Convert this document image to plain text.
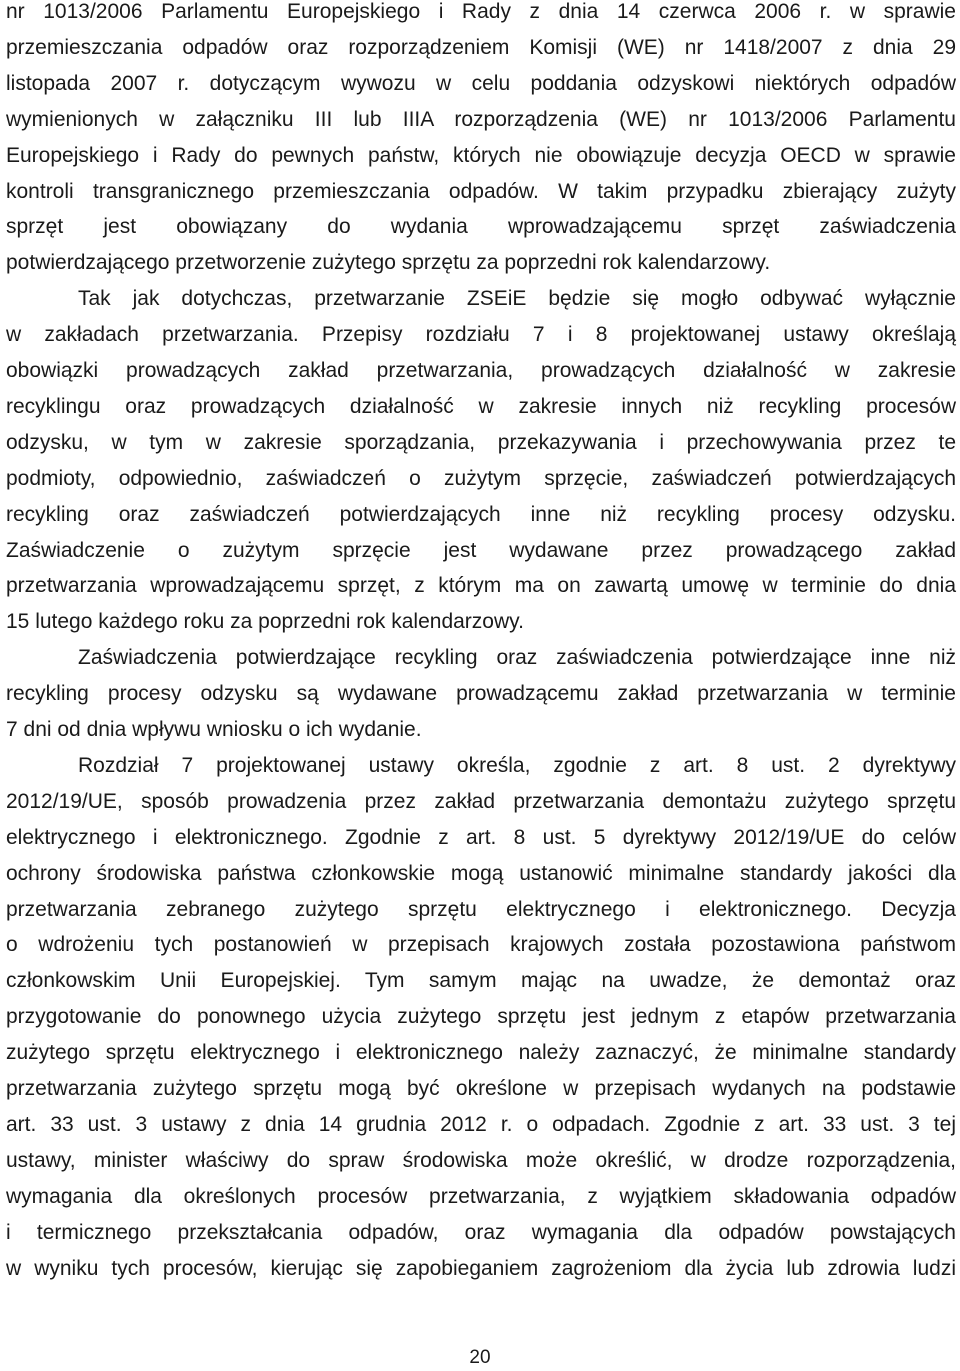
nr 1013/2006 Parlamentu Europejskiego i Rady z dnia 14 czerwca 2006 r. w sprawie
przemieszczania odpadów oraz rozporządzeniem Komisji (WE) nr 1418/2007 z dnia 29
listopada 2007 r. dotyczącym wywozu w celu poddania odzyskowi niektórych odpadów
wymienionych w załączniku III lub IIIA rozporządzenia (WE) nr 1013/2006 Parlamentu
Europejskiego i Rady do pewnych państw, których nie obowiązuje decyzja OECD w sprawie
kontroli transgranicznego przemieszczania odpadów. W takim przypadku zbierający zużyty
sprzęt jest obowiązany do wydania wprowadzającemu sprzęt zaświadczenia
potwierdzającego przetworzenie zużytego sprzętu za poprzedni rok kalendarzowy.
Tak jak dotychczas, przetwarzanie ZSEiE będzie się mogło odbywać wyłącznie
w zakładach przetwarzania. Przepisy rozdziału 7 i 8 projektowanej ustawy określają
obowiązki prowadzących zakład przetwarzania, prowadzących działalność w zakresie
recyklingu oraz prowadzących działalność w zakresie innych niż recykling procesów
odzysku, w tym w zakresie sporządzania, przekazywania i przechowywania przez te
podmioty, odpowiednio, zaświadczeń o zużytym sprzęcie, zaświadczeń potwierdzających
recykling oraz zaświadczeń potwierdzających inne niż recykling procesy odzysku.
Zaświadczenie o zużytym sprzęcie jest wydawane przez prowadzącego zakład
przetwarzania wprowadzającemu sprzęt, z którym ma on zawartą umowę w terminie do dnia
15 lutego każdego roku za poprzedni rok kalendarzowy.
Zaświadczenia potwierdzające recykling oraz zaświadczenia potwierdzające inne niż
recykling procesy odzysku są wydawane prowadzącemu zakład przetwarzania w terminie
7 dni od dnia wpływu wniosku o ich wydanie.
Rozdział 7 projektowanej ustawy określa, zgodnie z art. 8 ust. 2 dyrektywy
2012/19/UE, sposób prowadzenia przez zakład przetwarzania demontażu zużytego sprzętu
elektrycznego i elektronicznego. Zgodnie z art. 8 ust. 5 dyrektywy 2012/19/UE do celów
ochrony środowiska państwa członkowskie mogą ustanowić minimalne standardy jakości dla
przetwarzania zebranego zużytego sprzętu elektrycznego i elektronicznego. Decyzja
o wdrożeniu tych postanowień w przepisach krajowych została pozostawiona państwom
członkowskim Unii Europejskiej. Tym samym mając na uwadze, że demontaż oraz
przygotowanie do ponownego użycia zużytego sprzętu jest jednym z etapów przetwarzania
zużytego sprzętu elektrycznego i elektronicznego należy zaznaczyć, że minimalne standardy
przetwarzania zużytego sprzętu mogą być określone w przepisach wydanych na podstawie
art. 33 ust. 3 ustawy z dnia 14 grudnia 2012 r. o odpadach. Zgodnie z art. 33 ust. 3 tej
ustawy, minister właściwy do spraw środowiska może określić, w drodze rozporządzenia,
wymagania dla określonych procesów przetwarzania, z wyjątkiem składowania odpadów
i termicznego przekształcania odpadów, oraz wymagania dla odpadów powstających
w wyniku tych procesów, kierując się zapobieganiem zagrożeniom dla życia lub zdrowia ludzi
20
